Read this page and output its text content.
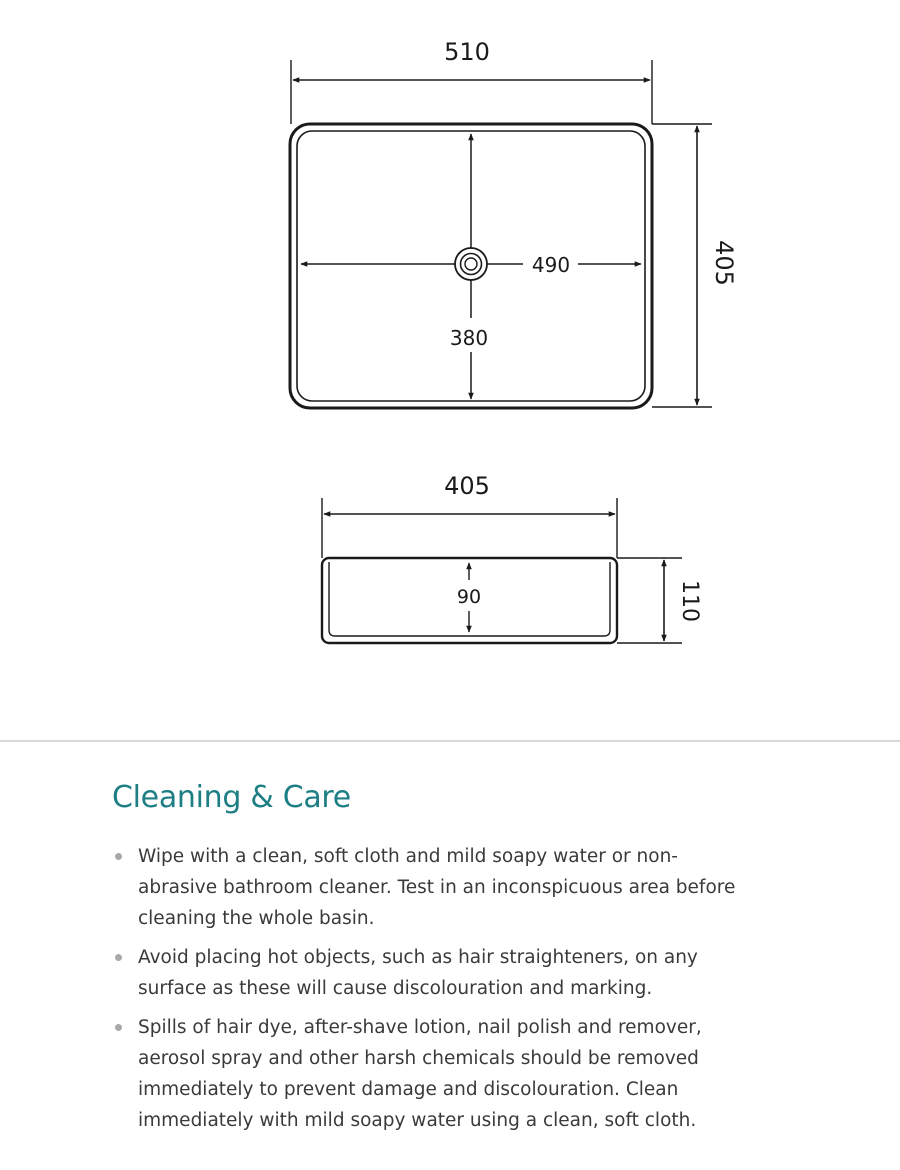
510
405
490
380
405
110
90
Cleaning & Care
Wipe with a clean, soft cloth and mild soapy water or non-abrasive bathroom cleaner. Test in an inconspicuous area before cleaning the whole basin.
Avoid placing hot objects, such as hair straighteners, on any surface as these will cause discolouration and marking.
Spills of hair dye, after-shave lotion, nail polish and remover, aerosol spray and other harsh chemicals should be removed immediately to prevent damage and discolouration. Clean immediately with mild soapy water using a clean, soft cloth.
